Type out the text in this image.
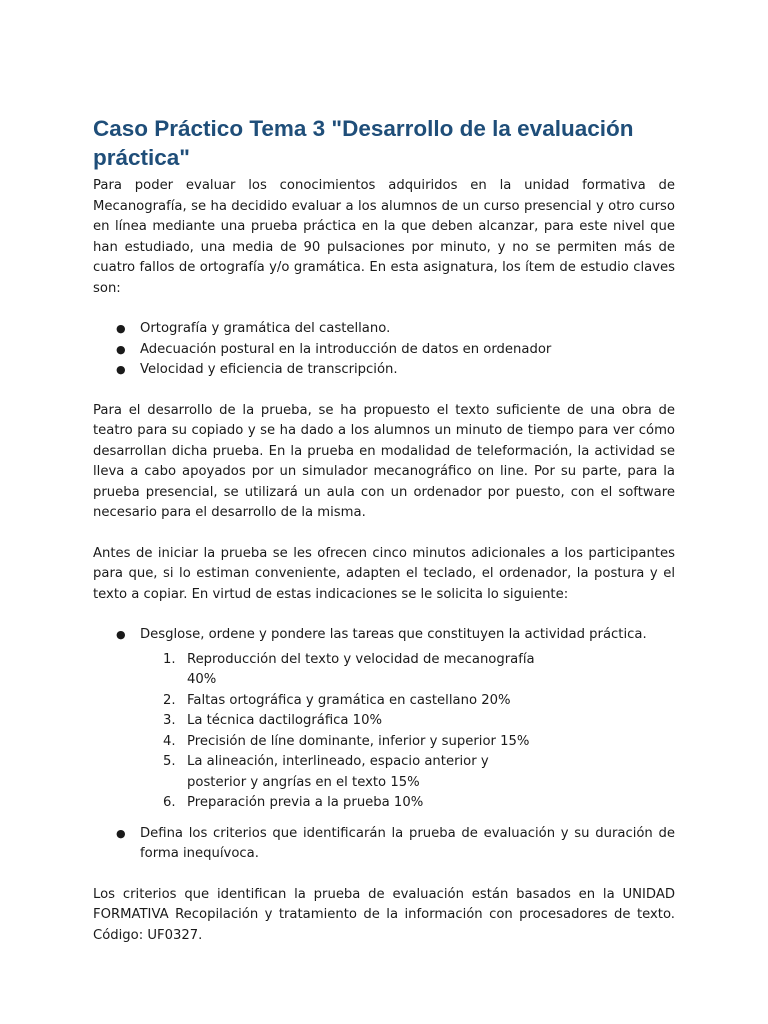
Caso Práctico Tema 3 "Desarrollo de la evaluación práctica"

Para poder evaluar los conocimientos adquiridos en la unidad formativa de Mecanografía, se ha decidido evaluar a los alumnos de un curso presencial y otro curso en línea mediante una prueba práctica en la que deben alcanzar, para este nivel que han estudiado, una media de 90 pulsaciones por minuto, y no se permiten más de cuatro fallos de ortografía y/o gramática. En esta asignatura, los ítem de estudio claves son:

● Ortografía y gramática del castellano.
● Adecuación postural en la introducción de datos en ordenador
● Velocidad y eficiencia de transcripción.

Para el desarrollo de la prueba, se ha propuesto el texto suficiente de una obra de teatro para su copiado y se ha dado a los alumnos un minuto de tiempo para ver cómo desarrollan dicha prueba. En la prueba en modalidad de teleformación, la actividad se lleva a cabo apoyados por un simulador mecanográfico on line. Por su parte, para la prueba presencial, se utilizará un aula con un ordenador por puesto, con el software necesario para el desarrollo de la misma.

Antes de iniciar la prueba se les ofrecen cinco minutos adicionales a los participantes para que, si lo estiman conveniente, adapten el teclado, el ordenador, la postura y el texto a copiar. En virtud de estas indicaciones se le solicita lo siguiente:

● Desglose, ordene y pondere las tareas que constituyen la actividad práctica.
1. Reproducción del texto y velocidad de mecanografía 40%
2. Faltas ortográfica y gramática en castellano 20%
3. La técnica dactilográfica 10%
4. Precisión de líne dominante, inferior y superior 15%
5. La alineación, interlineado, espacio anterior y posterior y angrías en el texto 15%
6. Preparación previa a la prueba 10%
● Defina los criterios que identificarán la prueba de evaluación y su duración de forma inequívoca.

Los criterios que identifican la prueba de evaluación están basados en la UNIDAD FORMATIVA Recopilación y tratamiento de la información con procesadores de texto. Código: UF0327.
